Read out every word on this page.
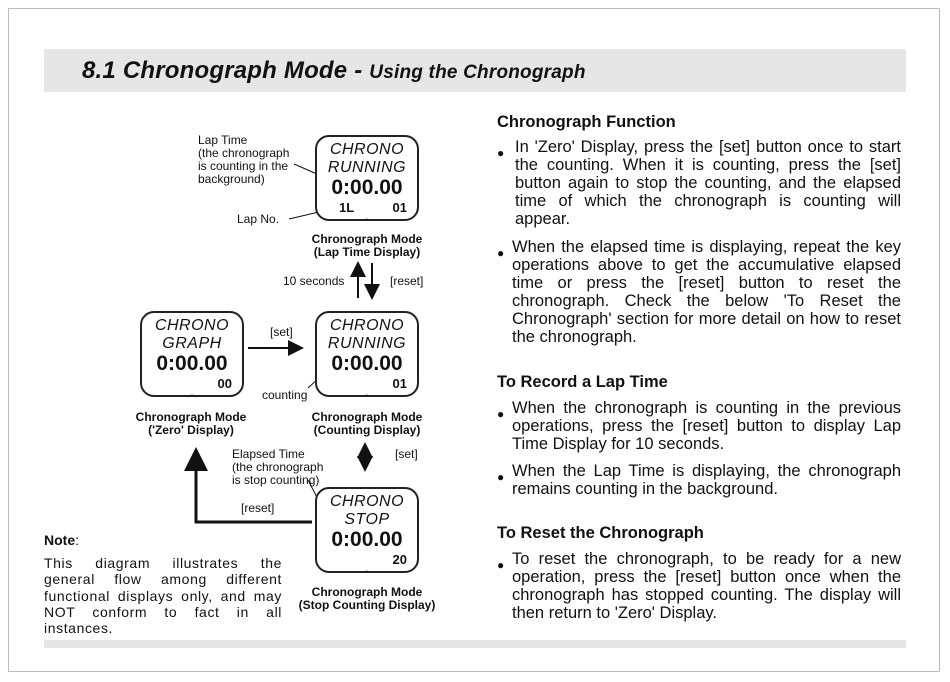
8.1 Chronograph Mode - Using the Chronograph
CHRONO
RUNNING
0:00.00
1L	01
..
Chronograph Mode
(Lap Time Display)
CHRONO
GRAPH
0:00.00
00
..
Chronograph Mode
('Zero' Display)
CHRONO
RUNNING
0:00.00
01
..
Chronograph Mode
(Counting Display)
CHRONO
STOP
0:00.00
20
..
Chronograph Mode
(Stop Counting Display)
Lap Time
(the chronograph
is counting in the
background)
Lap No.
10 seconds	[reset]
[set]
counting
Elapsed Time
(the chronograph
is stop counting)
[set]
[reset]
Note:
This diagram illustrates the general flow among different functional displays only, and may NOT conform to fact in all instances.
Chronograph Function
● In 'Zero' Display, press the [set] button once to start the counting. When it is counting, press the [set] button again to stop the counting, and the elapsed time of which the chronograph is counting will appear.
● When the elapsed time is displaying, repeat the key operations above to get the accumulative elapsed time or press the [reset] button to reset the chronograph. Check the below 'To Reset the Chronograph' section for more detail on how to reset the chronograph.
To Record a Lap Time
● When the chronograph is counting in the previous operations, press the [reset] button to display Lap Time Display for 10 seconds.
● When the Lap Time is displaying, the chronograph remains counting in the background.
To Reset the Chronograph
● To reset the chronograph, to be ready for a new operation, press the [reset] button once when the chronograph has stopped counting. The display will then return to 'Zero' Display.
